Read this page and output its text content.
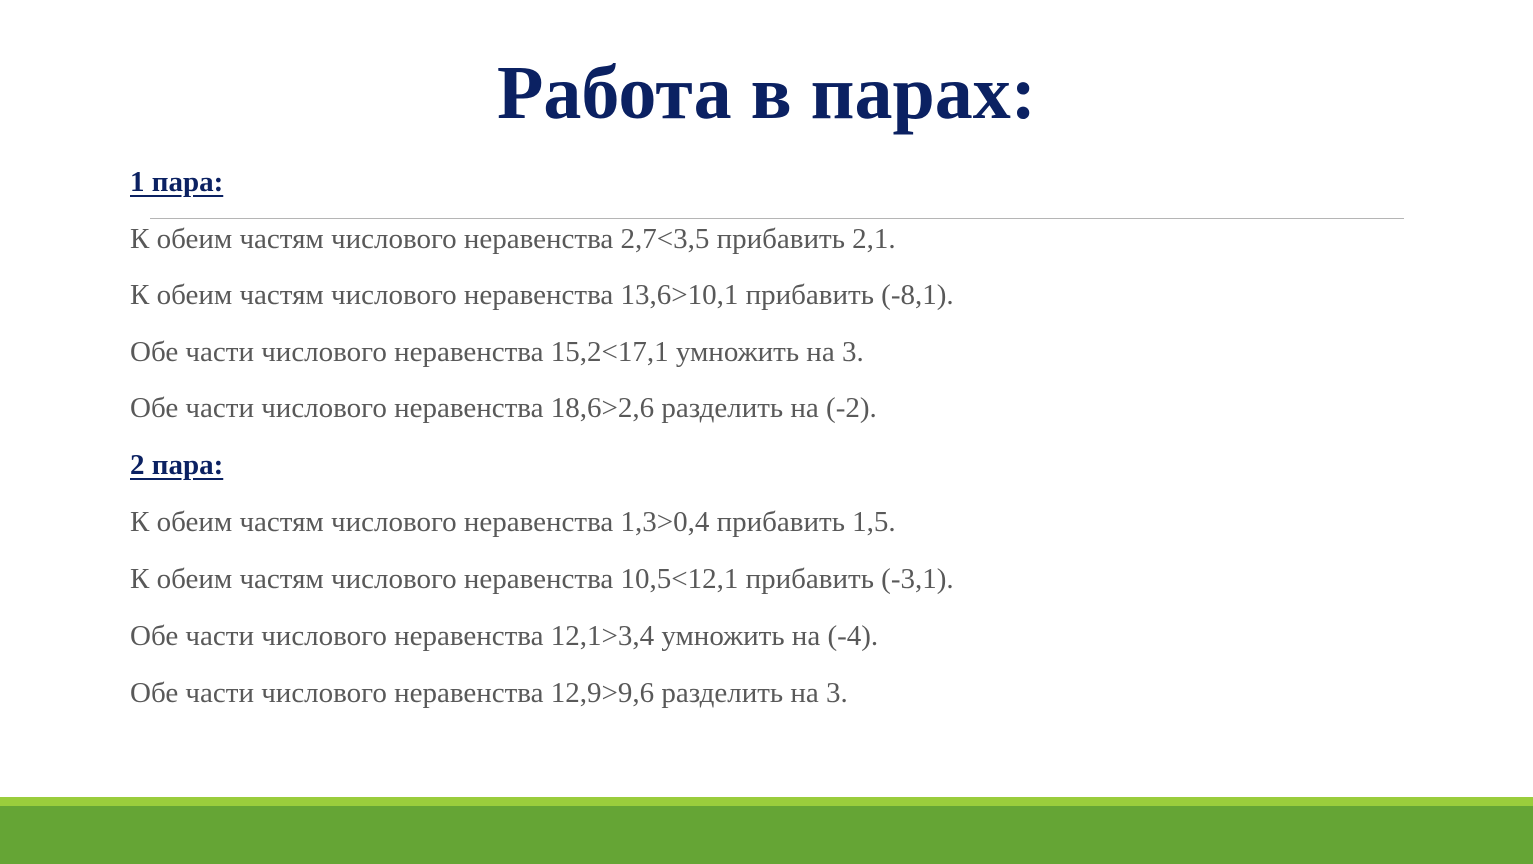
Работа в парах:
1 пара:
К обеим частям числового неравенства 2,7<3,5 прибавить 2,1.
К обеим частям числового неравенства 13,6>10,1 прибавить (-8,1).
Обе части числового неравенства 15,2<17,1 умножить на 3.
Обе части числового неравенства 18,6>2,6 разделить на (-2).
2 пара:
К обеим частям числового неравенства 1,3>0,4 прибавить 1,5.
К обеим частям числового неравенства 10,5<12,1 прибавить (-3,1).
Обе части числового неравенства 12,1>3,4 умножить на (-4).
Обе части числового неравенства 12,9>9,6 разделить на 3.
